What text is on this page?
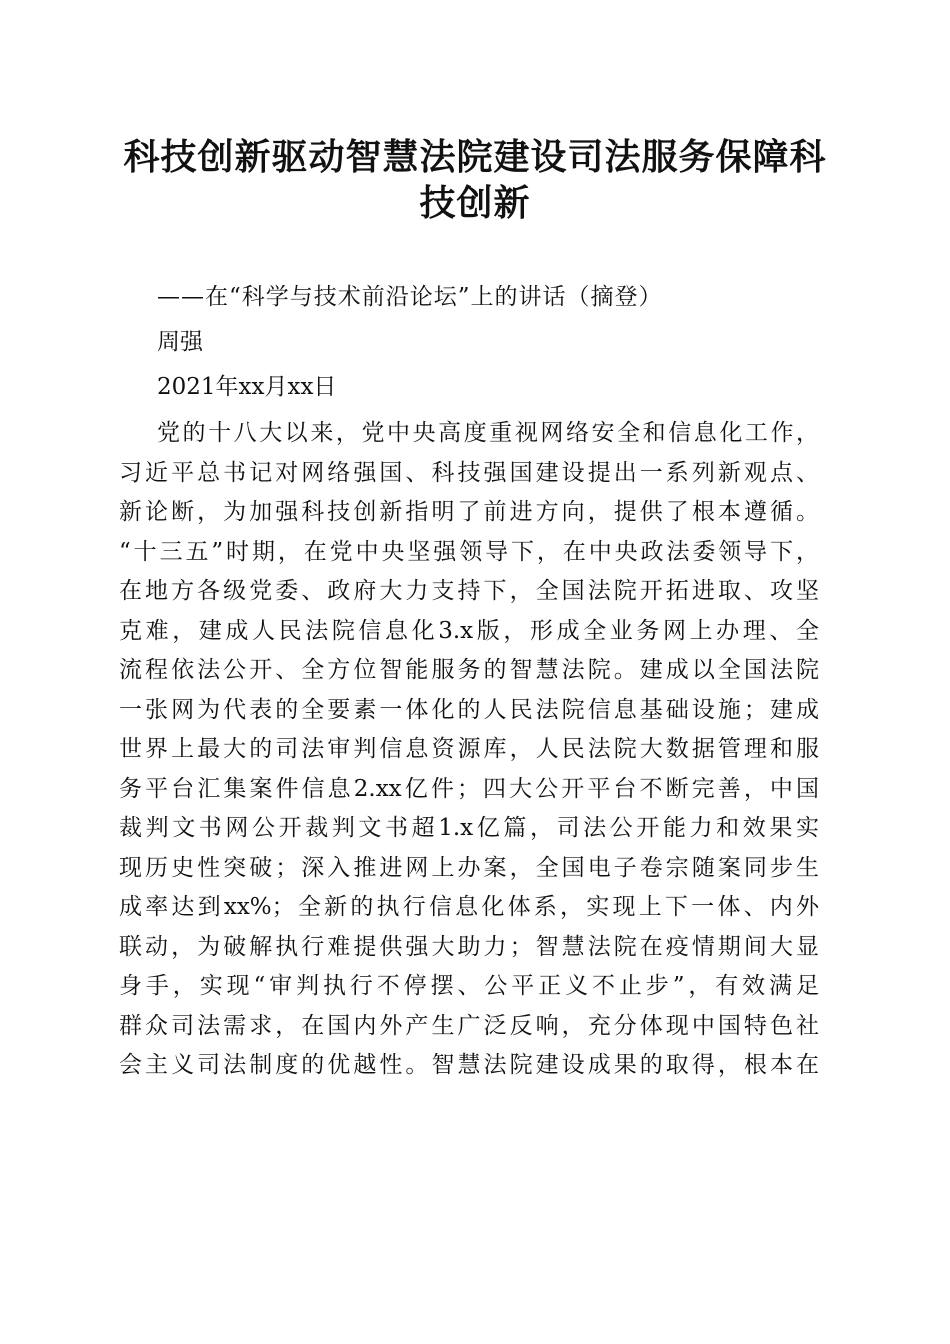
科技创新驱动智慧法院建设司法服务保障科技创新

——在“科学与技术前沿论坛”上的讲话（摘登）

周强

2021年xx月xx日

党的十八大以来，党中央高度重视网络安全和信息化工作，
习近平总书记对网络强国、科技强国建设提出一系列新观点、
新论断，为加强科技创新指明了前进方向，提供了根本遵循。
“十三五”时期，在党中央坚强领导下，在中央政法委领导下，
在地方各级党委、政府大力支持下，全国法院开拓进取、攻坚
克难，建成人民法院信息化3.x版，形成全业务网上办理、全
流程依法公开、全方位智能服务的智慧法院。建成以全国法院
一张网为代表的全要素一体化的人民法院信息基础设施；建成
世界上最大的司法审判信息资源库，人民法院大数据管理和服
务平台汇集案件信息2.xx亿件；四大公开平台不断完善，中国
裁判文书网公开裁判文书超1.x亿篇，司法公开能力和效果实
现历史性突破；深入推进网上办案，全国电子卷宗随案同步生
成率达到xx%；全新的执行信息化体系，实现上下一体、内外
联动，为破解执行难提供强大助力；智慧法院在疫情期间大显
身手，实现“审判执行不停摆、公平正义不止步”，有效满足
群众司法需求，在国内外产生广泛反响，充分体现中国特色社
会主义司法制度的优越性。智慧法院建设成果的取得，根本在
